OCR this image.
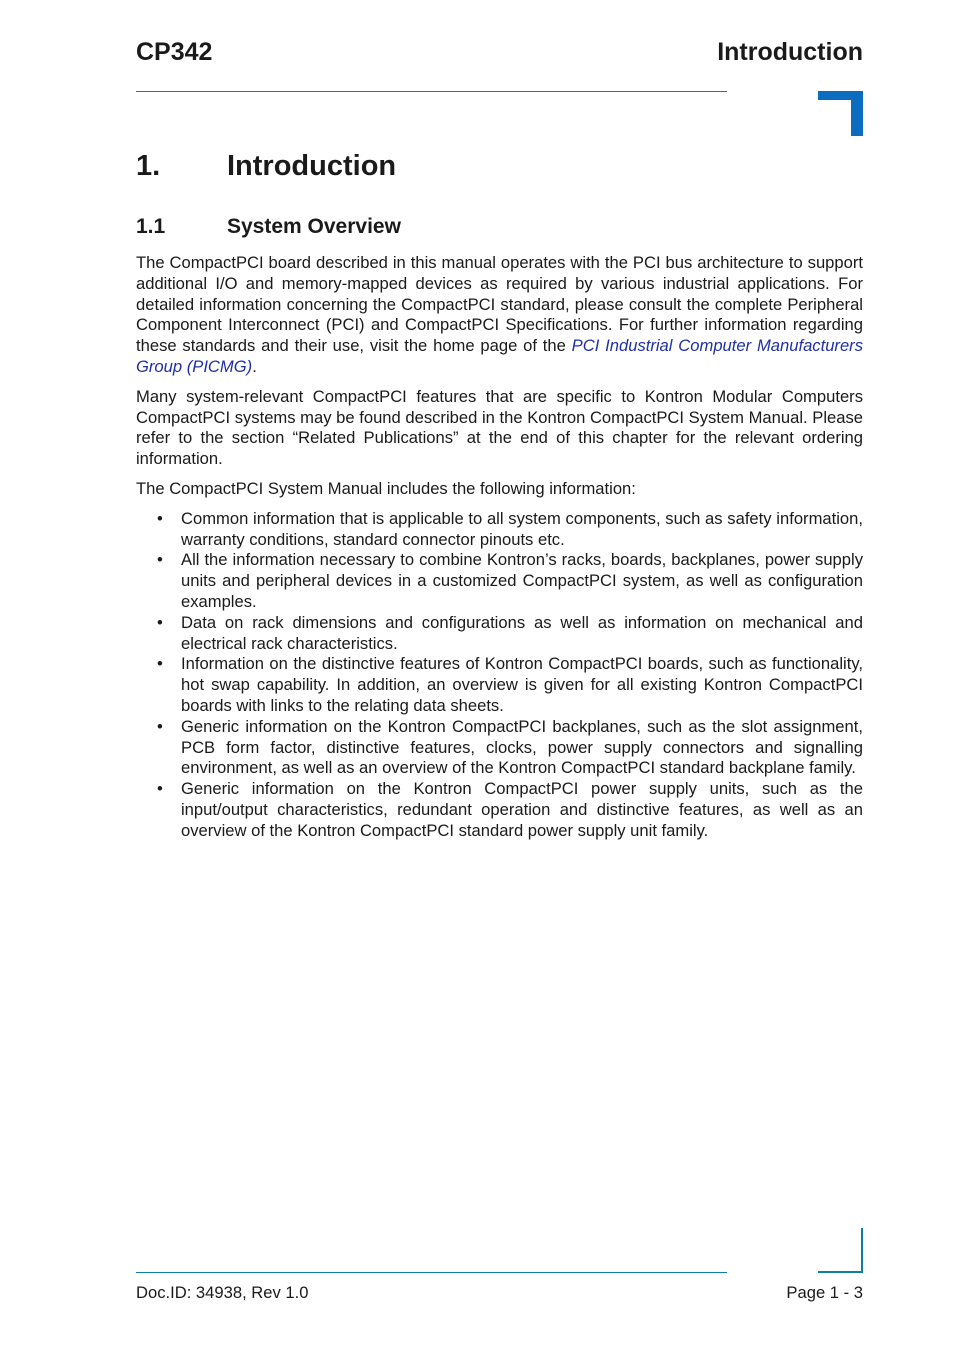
CP342	Introduction
1. Introduction
1.1	System Overview

The CompactPCI board described in this manual operates with the PCI bus architecture to support additional I/O and memory-mapped devices as required by various industrial applications. For detailed information concerning the CompactPCI standard, please consult the complete Peripheral Component Interconnect (PCI) and CompactPCI Specifications. For further information regarding these standards and their use, visit the home page of the PCI Industrial Computer Manufacturers Group (PICMG).

Many system-relevant CompactPCI features that are specific to Kontron Modular Computers CompactPCI systems may be found described in the Kontron CompactPCI System Manual. Please refer to the section “Related Publications” at the end of this chapter for the relevant ordering information.

The CompactPCI System Manual includes the following information:

• Common information that is applicable to all system components, such as safety information, warranty conditions, standard connector pinouts etc.
• All the information necessary to combine Kontron’s racks, boards, backplanes, power supply units and peripheral devices in a customized CompactPCI system, as well as configuration examples.
• Data on rack dimensions and configurations as well as information on mechanical and electrical rack characteristics.
• Information on the distinctive features of Kontron CompactPCI boards, such as functionality, hot swap capability. In addition, an overview is given for all existing Kontron CompactPCI boards with links to the relating data sheets.
• Generic information on the Kontron CompactPCI backplanes, such as the slot assignment, PCB form factor, distinctive features, clocks, power supply connectors and signalling environment, as well as an overview of the Kontron CompactPCI standard backplane family.
• Generic information on the Kontron CompactPCI power supply units, such as the input/output characteristics, redundant operation and distinctive features, as well as an overview of the Kontron CompactPCI standard power supply unit family.
Doc.ID: 34938, Rev 1.0	Page 1 - 3
